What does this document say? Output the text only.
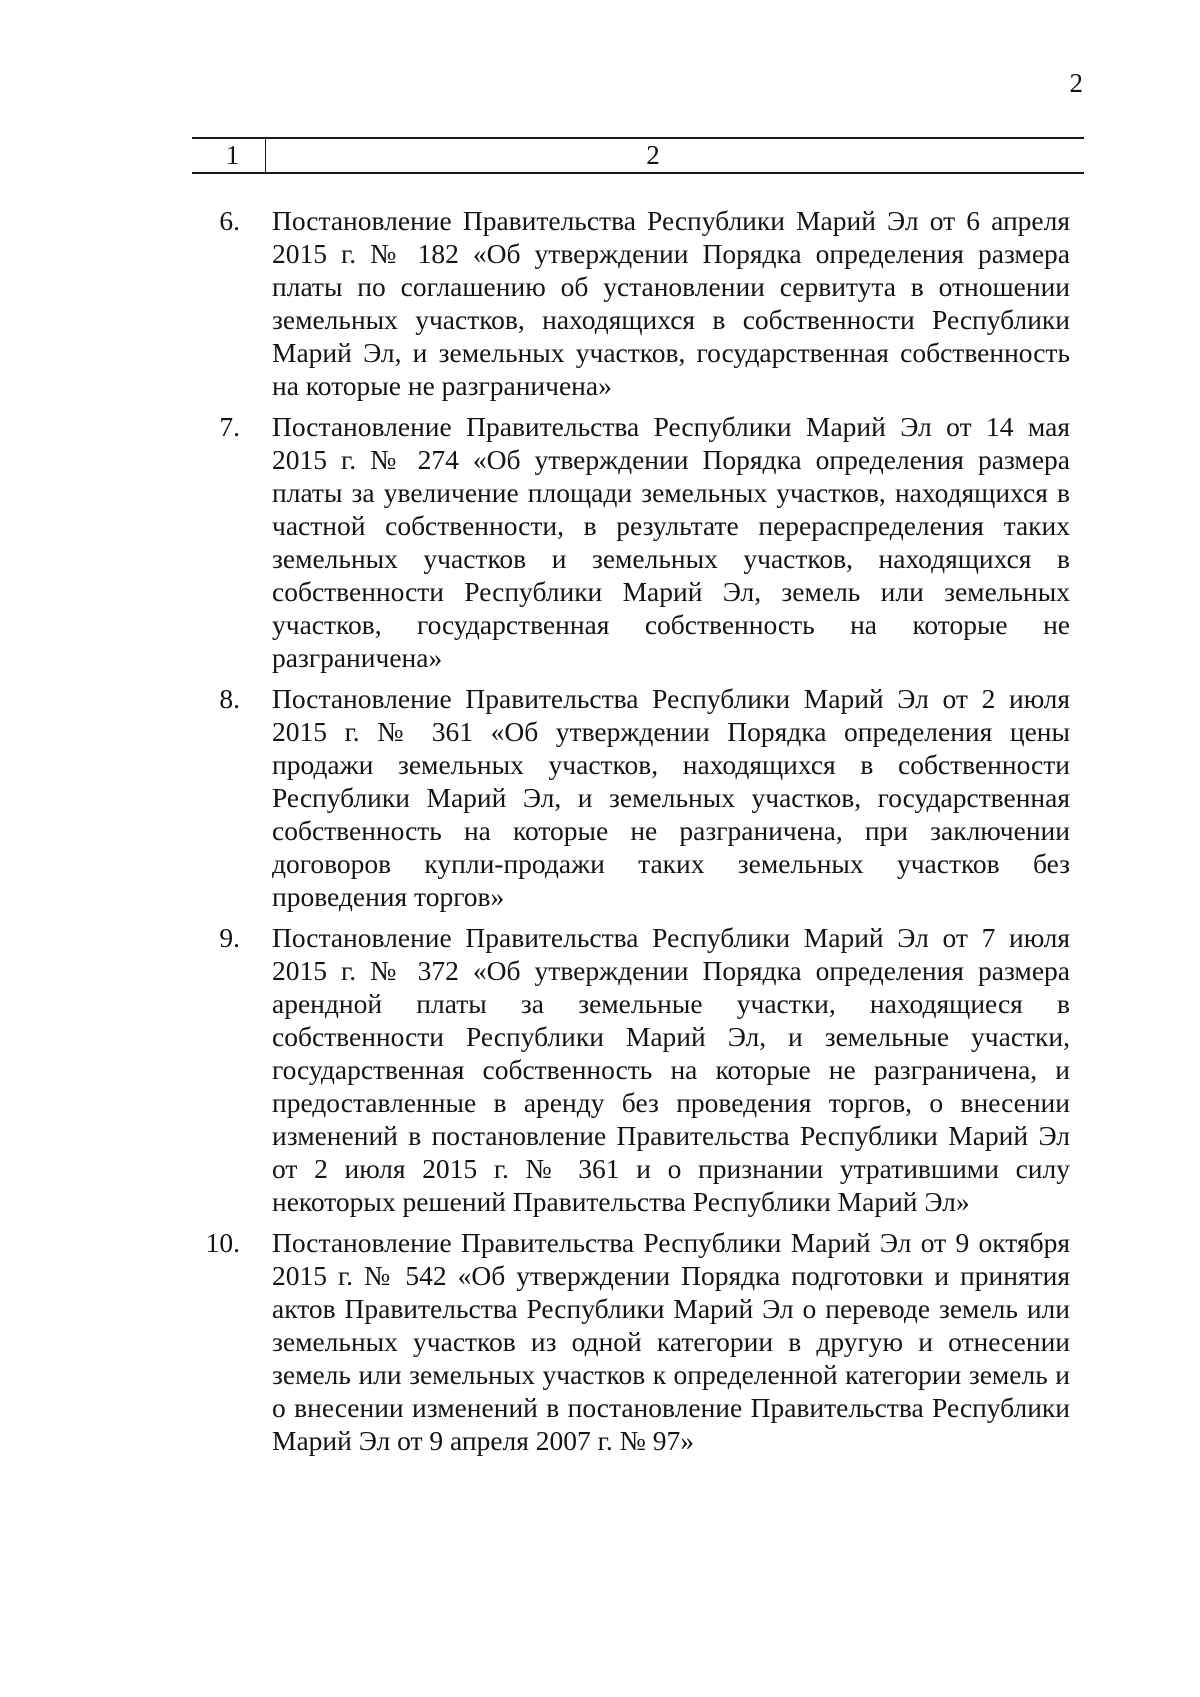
2
1	2
6.	Постановление Правительства Республики Марий Эл от 6 апреля 2015 г. № 182 «Об утверждении Порядка определения размера платы по соглашению об установлении сервитута в отношении земельных участков, находящихся в собственности Республики Марий Эл, и земельных участков, государственная собственность на которые не разграничена»
7.	Постановление Правительства Республики Марий Эл от 14 мая 2015 г. № 274 «Об утверждении Порядка определения размера платы за увеличение площади земельных участков, находящихся в частной собственности, в результате перераспределения таких земельных участков и земельных участков, находящихся в собственности Республики Марий Эл, земель или земельных участков, государственная собственность на которые не разграничена»
8.	Постановление Правительства Республики Марий Эл от 2 июля 2015 г. № 361 «Об утверждении Порядка определения цены продажи земельных участков, находящихся в собственности Республики Марий Эл, и земельных участков, государственная собственность на которые не разграничена, при заключении договоров купли-продажи таких земельных участков без проведения торгов»
9.	Постановление Правительства Республики Марий Эл от 7 июля 2015 г. № 372 «Об утверждении Порядка определения размера арендной платы за земельные участки, находящиеся в собственности Республики Марий Эл, и земельные участки, государственная собственность на которые не разграничена, и предоставленные в аренду без проведения торгов, о внесении изменений в постановление Правительства Республики Марий Эл от 2 июля 2015 г. № 361 и о признании утратившими силу некоторых решений Правительства Республики Марий Эл»
10.	Постановление Правительства Республики Марий Эл от 9 октября 2015 г. № 542 «Об утверждении Порядка подготовки и принятия актов Правительства Республики Марий Эл о переводе земель или земельных участков из одной категории в другую и отнесении земель или земельных участков к определенной категории земель и о внесении изменений в постановление Правительства Республики Марий Эл от 9 апреля 2007 г. № 97»
